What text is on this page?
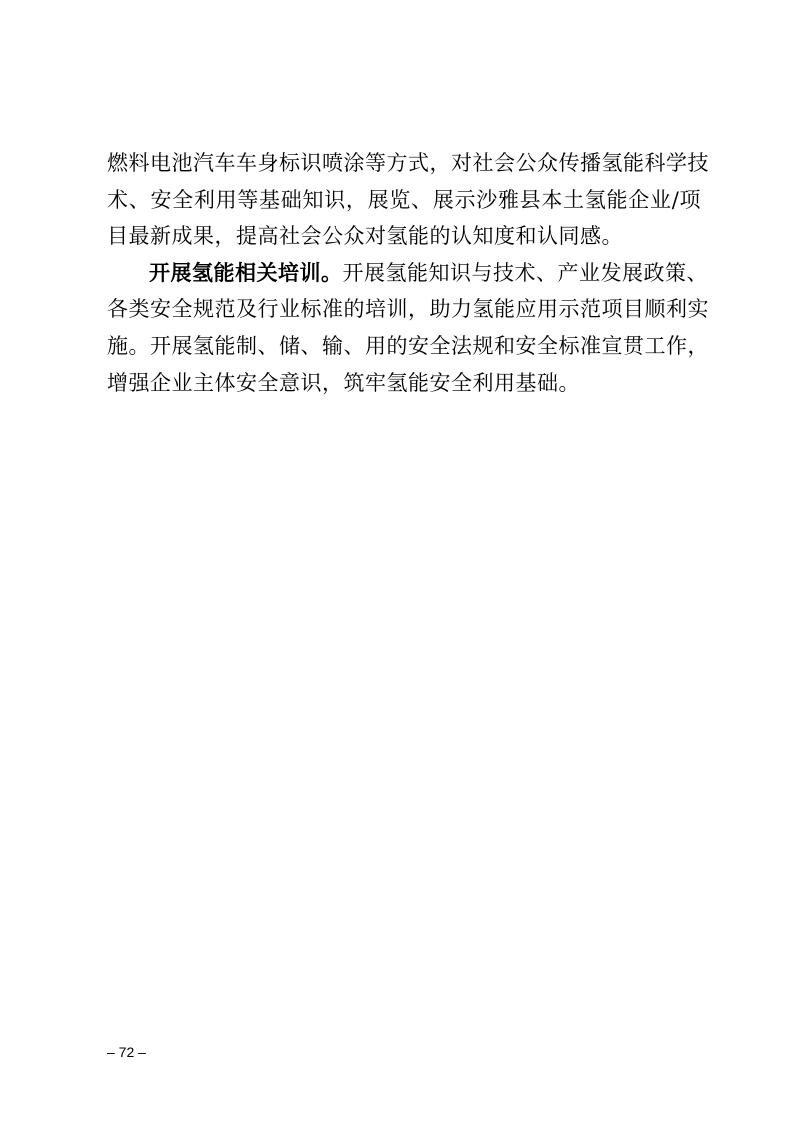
燃料电池汽车车身标识喷涂等方式，对社会公众传播氢能科学技
术、安全利用等基础知识，展览、展示沙雅县本土氢能企业/项
目最新成果，提高社会公众对氢能的认知度和认同感。
开展氢能相关培训。开展氢能知识与技术、产业发展政策、
各类安全规范及行业标准的培训，助力氢能应用示范项目顺利实
施。开展氢能制、储、输、用的安全法规和安全标准宣贯工作，
增强企业主体安全意识，筑牢氢能安全利用基础。
– 72 –
